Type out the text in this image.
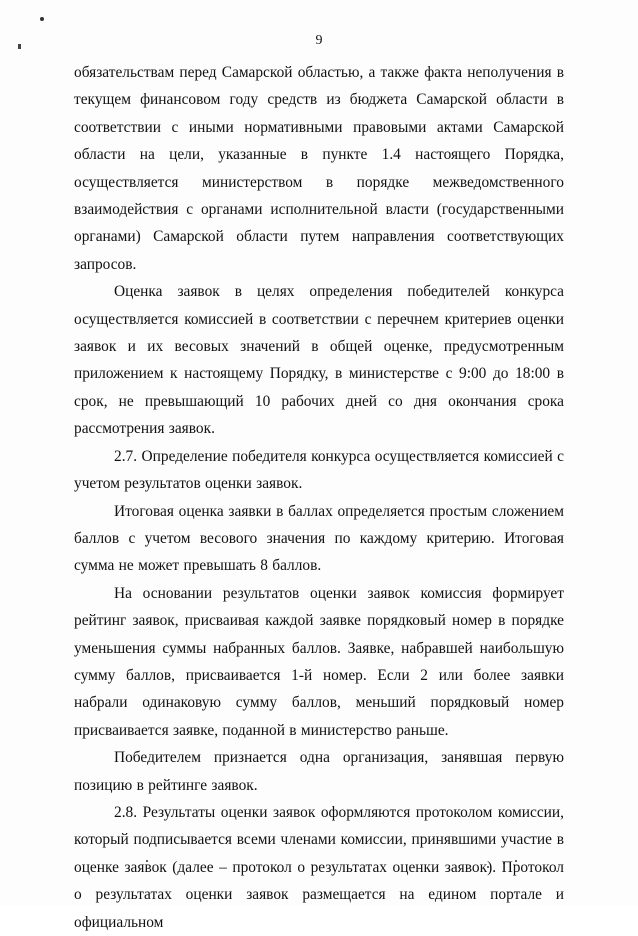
9

обязательствам перед Самарской областью, а также факта неполучения в текущем финансовом году средств из бюджета Самарской области в соответствии с иными нормативными правовыми актами Самарской области на цели, указанные в пункте 1.4 настоящего Порядка, осуществляется министерством в порядке межведомственного взаимодействия с органами исполнительной власти (государственными органами) Самарской области путем направления соответствующих запросов.

Оценка заявок в целях определения победителей конкурса осуществляется комиссией в соответствии с перечнем критериев оценки заявок и их весовых значений в общей оценке, предусмотренным приложением к настоящему Порядку, в министерстве с 9:00 до 18:00 в срок, не превышающий 10 рабочих дней со дня окончания срока рассмотрения заявок.

2.7. Определение победителя конкурса осуществляется комиссией с учетом результатов оценки заявок.

Итоговая оценка заявки в баллах определяется простым сложением баллов с учетом весового значения по каждому критерию. Итоговая сумма не может превышать 8 баллов.

На основании результатов оценки заявок комиссия формирует рейтинг заявок, присваивая каждой заявке порядковый номер в порядке уменьшения суммы набранных баллов. Заявке, набравшей наибольшую сумму баллов, присваивается 1-й номер. Если 2 или более заявки набрали одинаковую сумму баллов, меньший порядковый номер присваивается заявке, поданной в министерство раньше.

Победителем признается одна организация, занявшая первую позицию в рейтинге заявок.

2.8. Результаты оценки заявок оформляются протоколом комиссии, который подписывается всеми членами комиссии, принявшими участие в оценке заявок (далее – протокол о результатах оценки заявок). Протокол о результатах оценки заявок размещается на едином портале и официальном
